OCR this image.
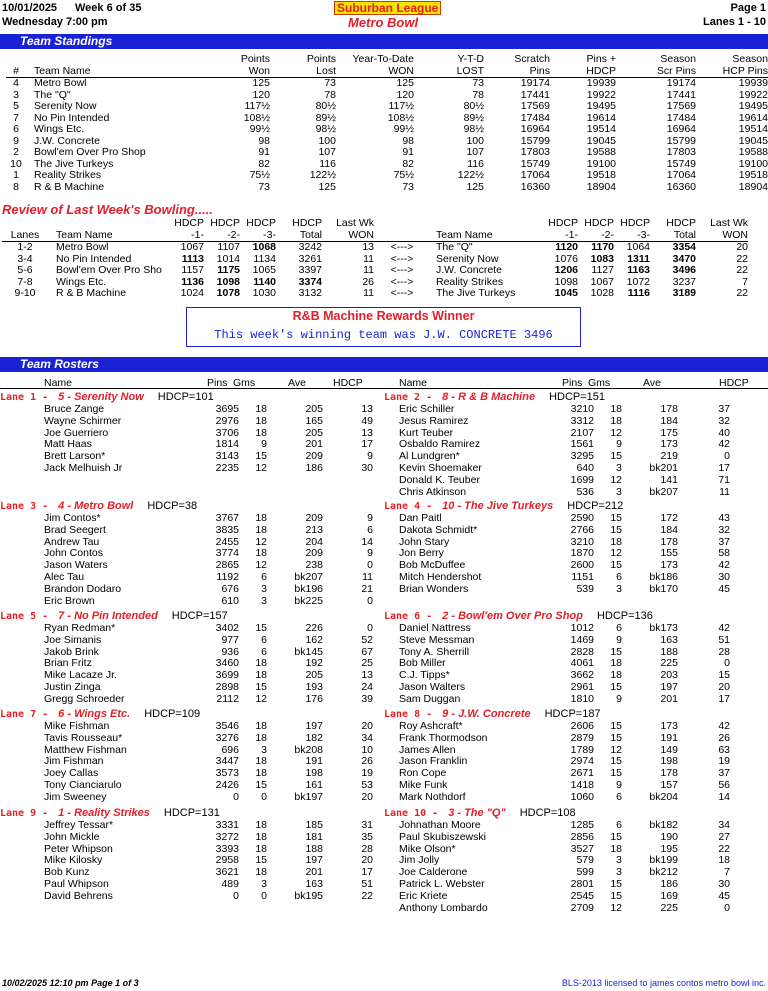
10/01/2025 Week 6 of 35	Suburban League	Page 1
Wednesday 7:00 pm	Metro Bowl	Lanes 1 - 10
Team Standings
		Points	Points	Year-To-Date	Y-T-D	Scratch	Pins +	Season	Season
#	Team Name	Won	Lost	WON	LOST	Pins	HDCP	Scr Pins	HCP Pins
4	Metro Bowl	125	73	125	73	19174	19939	19174	19939
3	The "Q"	120	78	120	78	17441	19922	17441	19922
5	Serenity Now	117½	80½	117½	80½	17569	19495	17569	19495
7	No Pin Intended	108½	89½	108½	89½	17484	19614	17484	19614
6	Wings Etc.	99½	98½	99½	98½	16964	19514	16964	19514
9	J.W. Concrete	98	100	98	100	15799	19045	15799	19045
2	Bowl'em Over Pro Shop	91	107	91	107	17803	19588	17803	19588
10	The Jive Turkeys	82	116	82	116	15749	19100	15749	19100
1	Reality Strikes	75½	122½	75½	122½	17064	19518	17064	19518
8	R & B Machine	73	125	73	125	16360	18904	16360	18904
Review of Last Week's Bowling.....
		HDCP	HDCP	HDCP	HDCP	Last Wk			HDCP	HDCP	HDCP	HDCP	Last Wk
Lanes	Team Name	-1-	-2-	-3-	Total	WON		Team Name	-1-	-2-	-3-	Total	WON
1-2	Metro Bowl	1067	1107	1068	3242	13	<--->	The "Q"	1120	1170	1064	3354	20
3-4	No Pin Intended	1113	1014	1134	3261	11	<--->	Serenity Now	1076	1083	1311	3470	22
5-6	Bowl'em Over Pro Sho	1157	1175	1065	3397	11	<--->	J.W. Concrete	1206	1127	1163	3496	22
7-8	Wings Etc.	1136	1098	1140	3374	26	<--->	Reality Strikes	1098	1067	1072	3237	7
9-10	R & B Machine	1024	1078	1030	3132	11	<--->	The Jive Turkeys	1045	1028	1116	3189	22
R&B Machine Rewards Winner
This week's winning team was J.W. CONCRETE 3496
Team Rosters
Name	Pins Gms	Ave	HDCP	Name	Pins Gms	Ave	HDCP
Lane 1 - 5 - Serenity Now HDCP=101
Bruce Zange	3695	18	205	13
Wayne Schirmer	2976	18	165	49
Joe Guerriero	3706	18	205	13
Matt Haas	1814	9	201	17
Brett Larson*	3143	15	209	9
Jack Melhuish Jr	2235	12	186	30
Lane 3 - 4 - Metro Bowl HDCP=38
Jim Contos*	3767	18	209	9
Brad Seegert	3835	18	213	6
Andrew Tau	2455	12	204	14
John Contos	3774	18	209	9
Jason Waters	2865	12	238	0
Alec Tau	1192	6	bk207	11
Brandon Dodaro	676	3	bk196	21
Eric Brown	610	3	bk225	0
Lane 5 - 7 - No Pin Intended HDCP=157
Ryan Redman*	3402	15	226	0
Joe Simanis	977	6	162	52
Jakob Brink	936	6	bk145	67
Brian Fritz	3460	18	192	25
Mike Lacaze Jr.	3699	18	205	13
Justin Zinga	2898	15	193	24
Gregg Schroeder	2112	12	176	39
Lane 7 - 6 - Wings Etc. HDCP=109
Mike Fishman	3546	18	197	20
Tavis Rousseau*	3276	18	182	34
Matthew Fishman	696	3	bk208	10
Jim Fishman	3447	18	191	26
Joey Callas	3573	18	198	19
Tony Cianciarulo	2426	15	161	53
Jim Sweeney	0	0	bk197	20
Lane 9 - 1 - Reality Strikes HDCP=131
Jeffrey Tessar*	3331	18	185	31
John Mickle	3272	18	181	35
Peter Whipson	3393	18	188	28
Mike Kilosky	2958	15	197	20
Bob Kunz	3621	18	201	17
Paul Whipson	489	3	163	51
David Behrens	0	0	bk195	22
Lane 2 - 8 - R & B Machine HDCP=151
Eric Schiller	3210	18	178	37
Jesus Ramirez	3312	18	184	32
Kurt Teuber	2107	12	175	40
Osbaldo Ramirez	1561	9	173	42
Al Lundgren*	3295	15	219	0
Kevin Shoemaker	640	3	bk201	17
Donald K. Teuber	1699	12	141	71
Chris Atkinson	536	3	bk207	11
Lane 4 - 10 - The Jive Turkeys HDCP=212
Dan Paitl	2590	15	172	43
Dakota Schmidt*	2766	15	184	32
John Stary	3210	18	178	37
Jon Berry	1870	12	155	58
Bob McDuffee	2600	15	173	42
Mitch Hendershot	1151	6	bk186	30
Brian Wonders	539	3	bk170	45
Lane 6 - 2 - Bowl'em Over Pro Shop HDCP=136
Daniel Nattress	1012	6	bk173	42
Steve Messman	1469	9	163	51
Tony A. Sherrill	2828	15	188	28
Bob Miller	4061	18	225	0
C.J. Tipps*	3662	18	203	15
Jason Walters	2961	15	197	20
Sam Duggan	1810	9	201	17
Lane 8 - 9 - J.W. Concrete HDCP=187
Roy Ashcraft*	2606	15	173	42
Frank Thormodson	2879	15	191	26
James Allen	1789	12	149	63
Jason Franklin	2974	15	198	19
Ron Cope	2671	15	178	37
Mike Funk	1418	9	157	56
Mark Nothdorf	1060	6	bk204	14
Lane 10 - 3 - The "Q" HDCP=108
Johnathan Moore	1285	6	bk182	34
Paul Skubiszewski	2856	15	190	27
Mike Olson*	3527	18	195	22
Jim Jolly	579	3	bk199	18
Joe Calderone	599	3	bk212	7
Patrick L. Webster	2801	15	186	30
Eric Kriete	2545	15	169	45
Anthony Lombardo	2709	12	225	0
10/02/2025 12:10 pm Page 1 of 3	BLS-2013 licensed to james contos metro bowl inc.
